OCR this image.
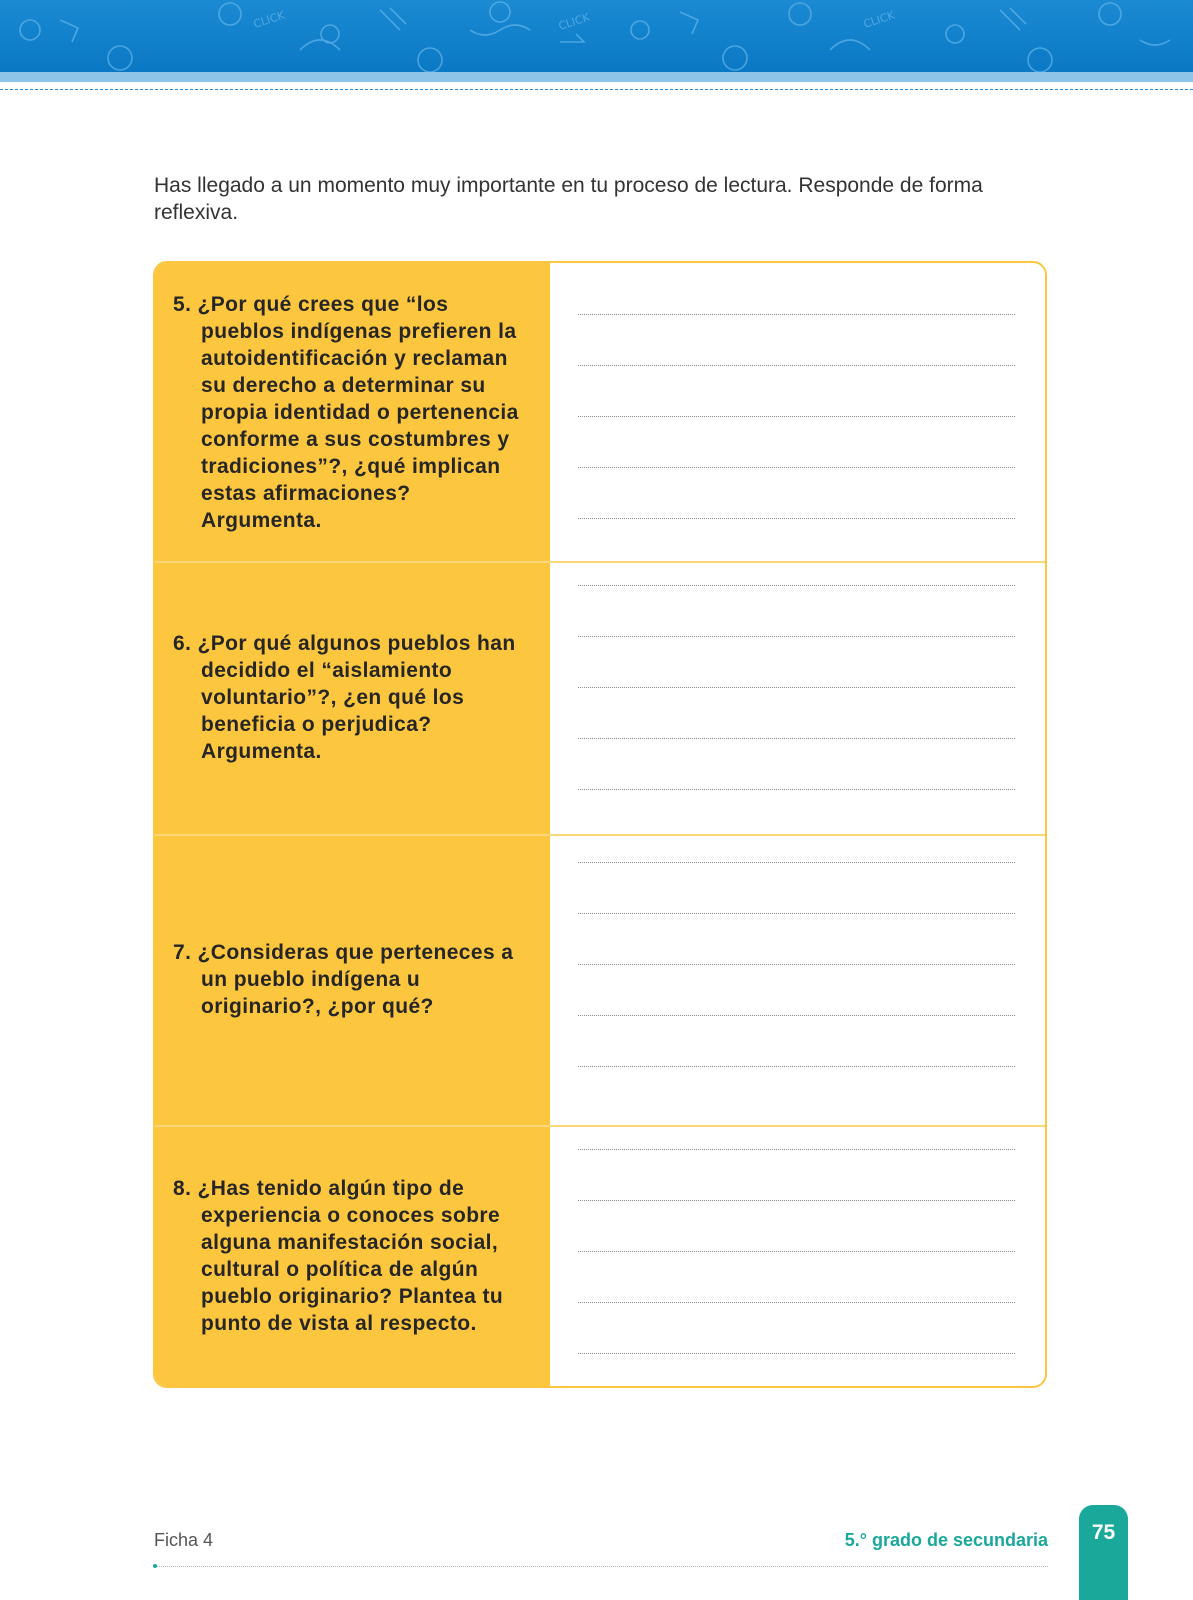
CLICK	CLICK	CLICK
Has llegado a un momento muy importante en tu proceso de lectura. Responde de forma reflexiva.
5. ¿Por qué crees que “los pueblos indígenas prefieren la autoidentificación y reclaman su derecho a determinar su propia identidad o pertenencia conforme a sus costumbres y tradiciones”?, ¿qué implican estas afirmaciones? Argumenta.
6. ¿Por qué algunos pueblos han decidido el “aislamiento voluntario”?, ¿en qué los beneficia o perjudica? Argumenta.
7. ¿Consideras que perteneces a un pueblo indígena u originario?, ¿por qué?
8. ¿Has tenido algún tipo de experiencia o conoces sobre alguna manifestación social, cultural o política de algún pueblo originario? Plantea tu punto de vista al respecto.
Ficha 4	5.° grado de secundaria	75
